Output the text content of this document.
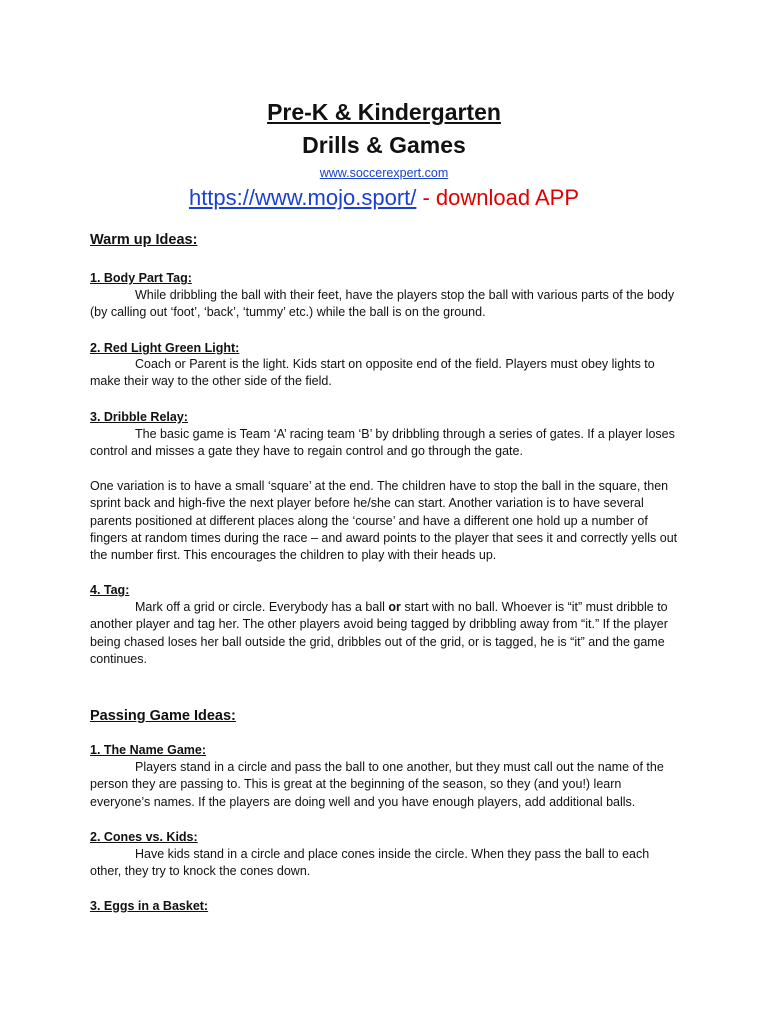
Pre-K & Kindergarten
Drills & Games
www.soccerexpert.com
https://www.mojo.sport/ - download APP
Warm up Ideas:
1. Body Part Tag:

While dribbling the ball with their feet, have the players stop the ball with various parts of the body (by calling out ‘foot’, ‘back’, ‘tummy’ etc.) while the ball is on the ground.

2. Red Light Green Light:

Coach or Parent is the light. Kids start on opposite end of the field. Players must obey lights to make their way to the other side of the field.

3. Dribble Relay:

The basic game is Team ‘A’ racing team ‘B’ by dribbling through a series of gates. If a player loses control and misses a gate they have to regain control and go through the gate.

One variation is to have a small ‘square’ at the end. The children have to stop the ball in the square, then sprint back and high-five the next player before he/she can start. Another variation is to have several parents positioned at different places along the ‘course’ and have a different one hold up a number of fingers at random times during the race – and award points to the player that sees it and correctly yells out the number first. This encourages the children to play with their heads up.

4. Tag:

Mark off a grid or circle. Everybody has a ball or start with no ball. Whoever is “it” must dribble to another player and tag her. The other players avoid being tagged by dribbling away from “it.” If the player being chased loses her ball outside the grid, dribbles out of the grid, or is tagged, he is “it” and the game continues.

Passing Game Ideas:
1. The Name Game:

Players stand in a circle and pass the ball to one another, but they must call out the name of the person they are passing to. This is great at the beginning of the season, so they (and you!) learn everyone’s names. If the players are doing well and you have enough players, add additional balls.

2. Cones vs. Kids:

Have kids stand in a circle and place cones inside the circle. When they pass the ball to each other, they try to knock the cones down.

3. Eggs in a Basket:
